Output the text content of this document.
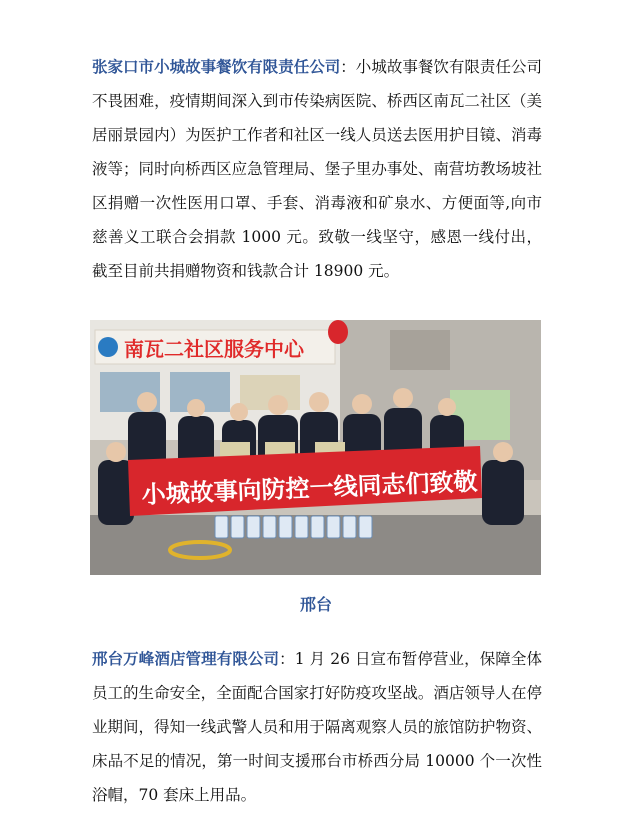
张家口市小城故事餐饮有限责任公司：小城故事餐饮有限责任公司不畏困难，疫情期间深入到市传染病医院、桥西区南瓦二社区（美居丽景园内）为医护工作者和社区一线人员送去医用护目镜、消毒液等；同时向桥西区应急管理局、堡子里办事处、南营坊教场坡社区捐赠一次性医用口罩、手套、消毒液和矿泉水、方便面等,向市慈善义工联合会捐款 1000 元。致敬一线坚守，感恩一线付出，截至目前共捐赠物资和钱款合计 18900 元。

南瓦二社区服务中心
小城故事向防控一线同志们致敬
邢台

邢台万峰酒店管理有限公司：1 月 26 日宣布暂停营业，保障全体员工的生命安全，全面配合国家打好防疫攻坚战。酒店领导人在停业期间，得知一线武警人员和用于隔离观察人员的旅馆防护物资、床品不足的情况，第一时间支援邢台市桥西分局 10000 个一次性浴帽，70 套床上用品。
